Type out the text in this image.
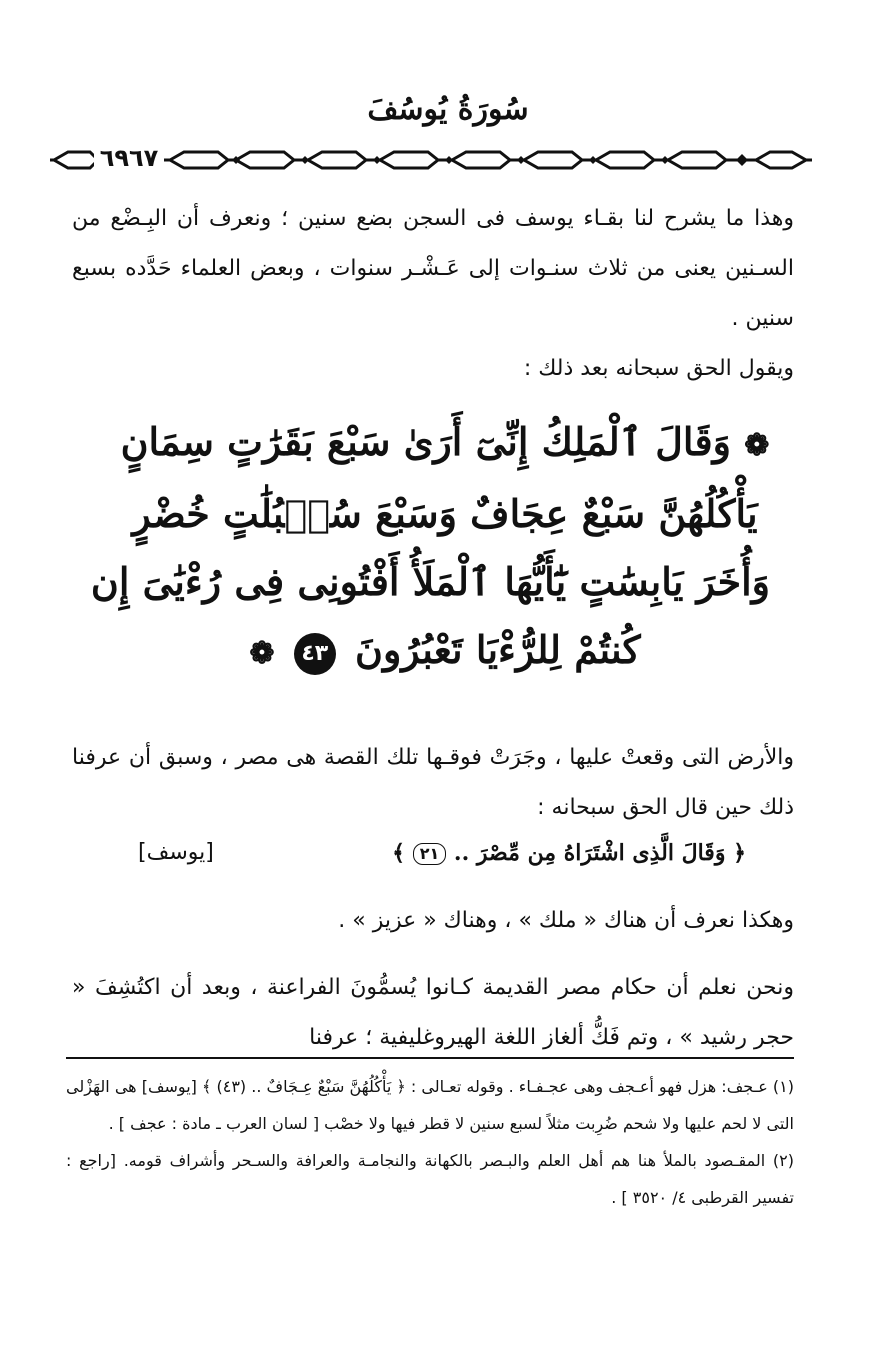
سُورَةُ يُوسُفَ
٦٩٦٧
وهذا ما يشرح لنا بقـاء يوسف فى السجن بضع سنين ؛ ونعرف أن البِـضْع من السـنين يعنى من ثلاث سنـوات إلى عَـشْـر سنوات ، وبعض العلماء حَدَّده بسبع سنين .
ويقول الحق سبحانه بعد ذلك :
❁ وَقَالَ ٱلْمَلِكُ إِنِّىٓ أَرَىٰ سَبْعَ بَقَرَٰتٍ سِمَانٍ
يَأْكُلُهُنَّ سَبْعٌ عِجَافٌ وَسَبْعَ سُنۢبُلَٰتٍ خُضْرٍ
وَأُخَرَ يَابِسَٰتٍ يَٰٓأَيُّهَا ٱلْمَلَأُ أَفْتُونِى فِى رُءْيَٰىَ إِن
كُنتُمْ لِلرُّءْيَا تَعْبُرُونَ ٤٣ ❁
والأرض التى وقعتْ عليها ، وجَرَتْ فوقـها تلك القصة هى مصر ، وسبق أن عرفنا ذلك حين قال الحق سبحانه :
﴿ وَقَالَ الَّذِى اشْتَرَاهُ مِن مِّصْرَ .. ٢١ ﴾
[يوسف]
وهكذا نعرف أن هناك « ملك » ، وهناك « عزيز » .
ونحن نعلم أن حكام مصر القديمة كـانوا يُسمُّونَ الفراعنة ، وبعد أن اكتُشِفَ « حجر رشيد » ، وتم فَكُّ ألغاز اللغة الهيروغليفية ؛ عرفنا
(١) عـجف: هزل فهو أعـجف وهى عجـفـاء . وقوله تعـالى : ﴿ يَأْكُلُهُنَّ سَبْعٌ عِـجَافٌ .. (٤٣) ﴾ [يوسف] هى الهَزْلى التى لا لحم عليها ولا شحم ضُرِبت مثلاً لسبع سنين لا قطر فيها ولا خصْب [ لسان العرب ـ مادة : عجف ] .
(٢) المقـصود بالملأ هنا هم أهل العلم والبـصر بالكهانة والنجامـة والعرافة والسـحر وأشراف قومه. [راجع : تفسير القرطبى ٤/ ٣٥٢٠ ] .
